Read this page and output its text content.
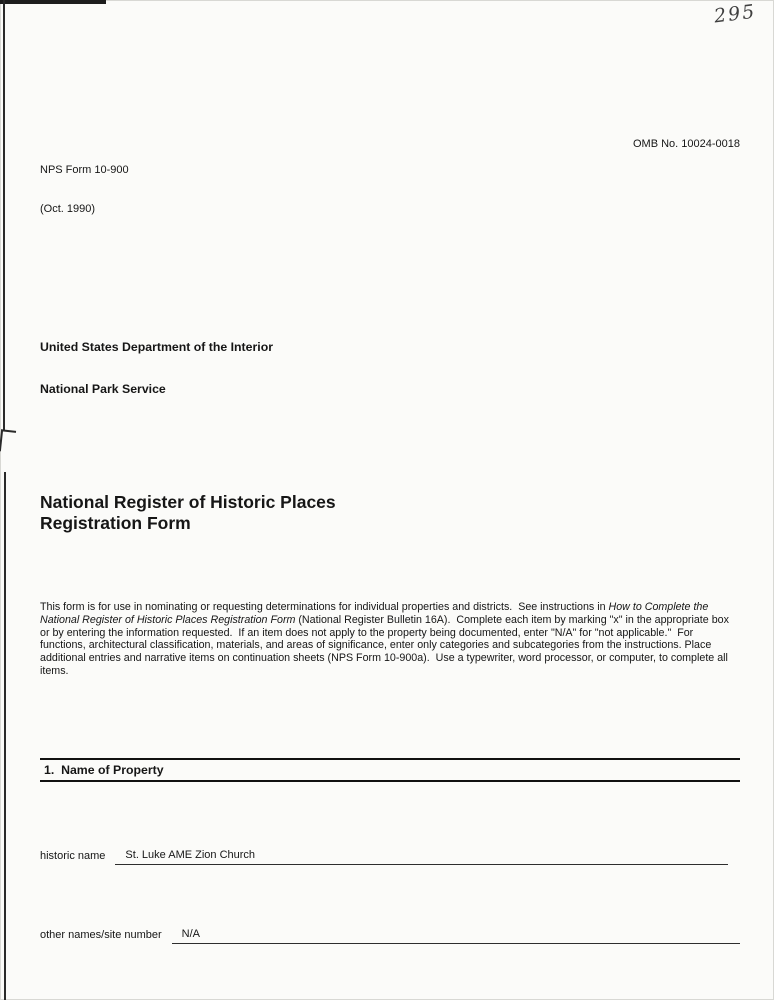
295

NPS Form 10-900

(Oct. 1990)

OMB No. 10024-0018

United States Department of the Interior

National Park Service

National Register of Historic Places
Registration Form

This form is for use in nominating or requesting determinations for individual properties and districts.  See instructions in How to Complete the National Register of Historic Places Registration Form (National Register Bulletin 16A).  Complete each item by marking "x" in the appropriate box or by entering the information requested.  If an item does not apply to the property being documented, enter "N/A" for "not applicable."  For functions, architectural classification, materials, and areas of significance, enter only categories and subcategories from the instructions. Place additional entries and narrative items on continuation sheets (NPS Form 10-900a).  Use a typewriter, word processor, or computer, to complete all items.

1.  Name of Property

historic name	St. Luke AME Zion Church

other names/site number	N/A
